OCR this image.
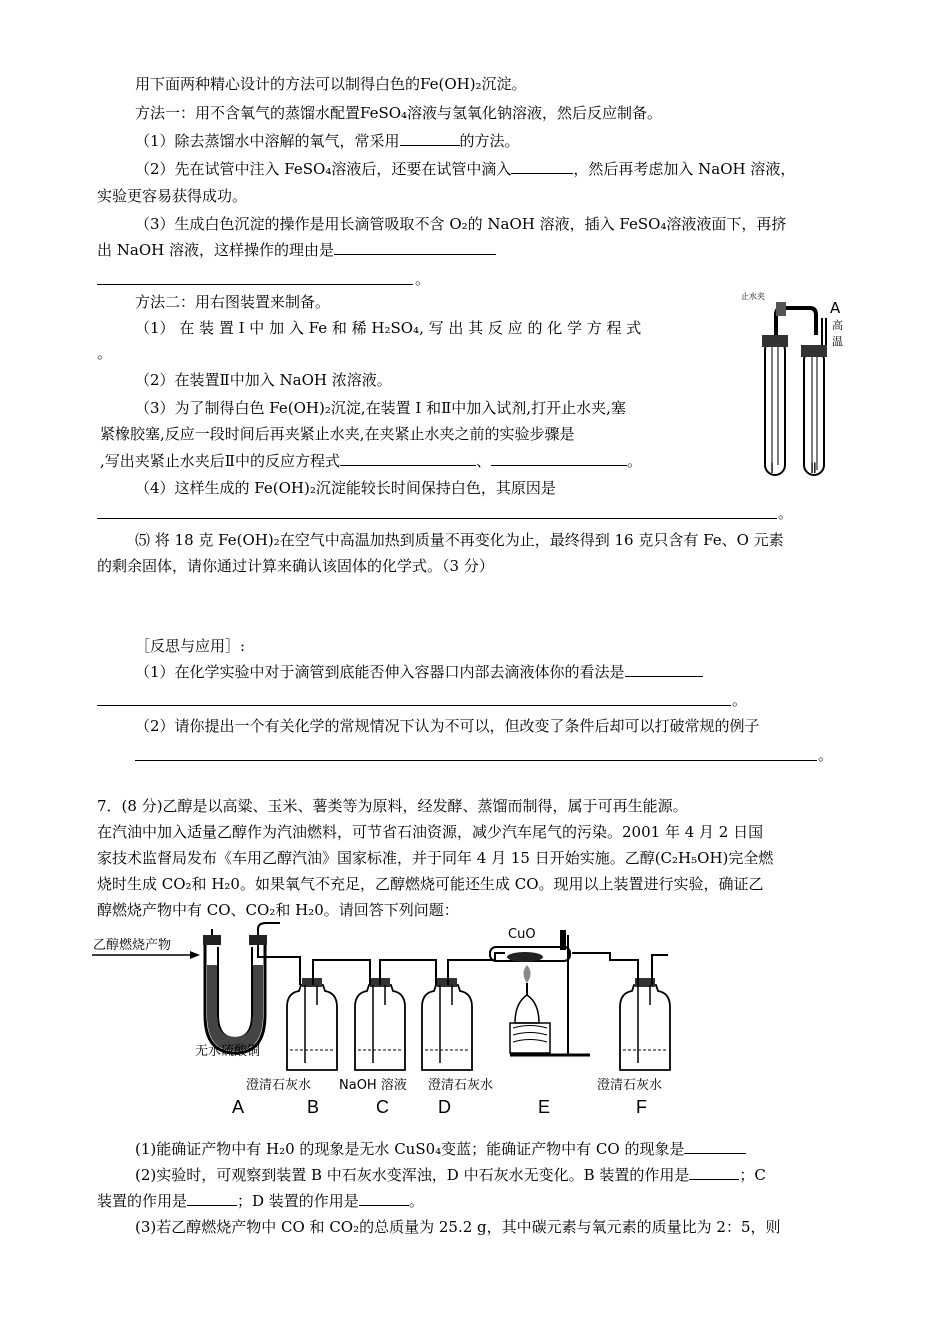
用下面两种精心设计的方法可以制得白色的Fe(OH)₂沉淀。
方法一：用不含氧气的蒸馏水配置FeSO₄溶液与氢氧化钠溶液，然后反应制备。
（1）除去蒸馏水中溶解的氧气，常采用	的方法。
（2）先在试管中注入 FeSO₄溶液后，还要在试管中滴入	，然后再考虑加入 NaOH 溶液，
实验更容易获得成功。
（3）生成白色沉淀的操作是用长滴管吸取不含 O₂的 NaOH 溶液，插入 FeSO₄溶液液面下，再挤
出 NaOH 溶液，这样操作的理由是
。
方法二：用右图装置来制备。
（1） 在 装 置 Ⅰ 中 加 入 Fe 和 稀 H₂SO₄, 写 出 其 反 应 的 化 学 方 程 式
。
（2）在装置Ⅱ中加入 NaOH 浓溶液。
（3）为了制得白色 Fe(OH)₂沉淀,在装置 Ⅰ 和Ⅱ中加入试剂,打开止水夹,塞
紧橡胶塞,反应一段时间后再夹紧止水夹,在夹紧止水夹之前的实验步骤是
,写出夹紧止水夹后Ⅱ中的反应方程式	、	。
（4）这样生成的 Fe(OH)₂沉淀能较长时间保持白色，其原因是
。
⑸ 将 18 克 Fe(OH)₂在空气中高温加热到质量不再变化为止，最终得到 16 克只含有 Fe、O 元素
的剩余固体，请你通过计算来确认该固体的化学式。（3 分）
止水夹
A
高
温
Ⅰ	Ⅱ
［反思与应用］:
（1）在化学实验中对于滴管到底能否伸入容器口内部去滴液体你的看法是
。
（2）请你提出一个有关化学的常规情况下认为不可以，但改变了条件后却可以打破常规的例子
。
7．(8 分)乙醇是以高粱、玉米、薯类等为原料，经发酵、蒸馏而制得，属于可再生能源。
在汽油中加入适量乙醇作为汽油燃料，可节省石油资源，减少汽车尾气的污染。2001 年 4 月 2 日国
家技术监督局发布《车用乙醇汽油》国家标准，并于同年 4 月 15 日开始实施。乙醇(C₂H₅OH)完全燃
烧时生成 CO₂和 H₂0。如果氧气不充足，乙醇燃烧可能还生成 CO。现用以上装置进行实验，确证乙
醇燃烧产物中有 CO、CO₂和 H₂0。请回答下列问题：
乙醇燃烧产物
CuO
无水硫酸铜
澄清石灰水 NaOH 溶液 澄清石灰水	澄清石灰水
A	B	C	D	E	F
(1)能确证产物中有 H₂0 的现象是无水 CuS0₄变蓝；能确证产物中有 CO 的现象是
(2)实验时，可观察到装置 B 中石灰水变浑浊，D 中石灰水无变化。B 装置的作用是	；C
装置的作用是	；D 装置的作用是	。
(3)若乙醇燃烧产物中 CO 和 CO₂的总质量为 25.2 g，其中碳元素与氧元素的质量比为 2：5，则
